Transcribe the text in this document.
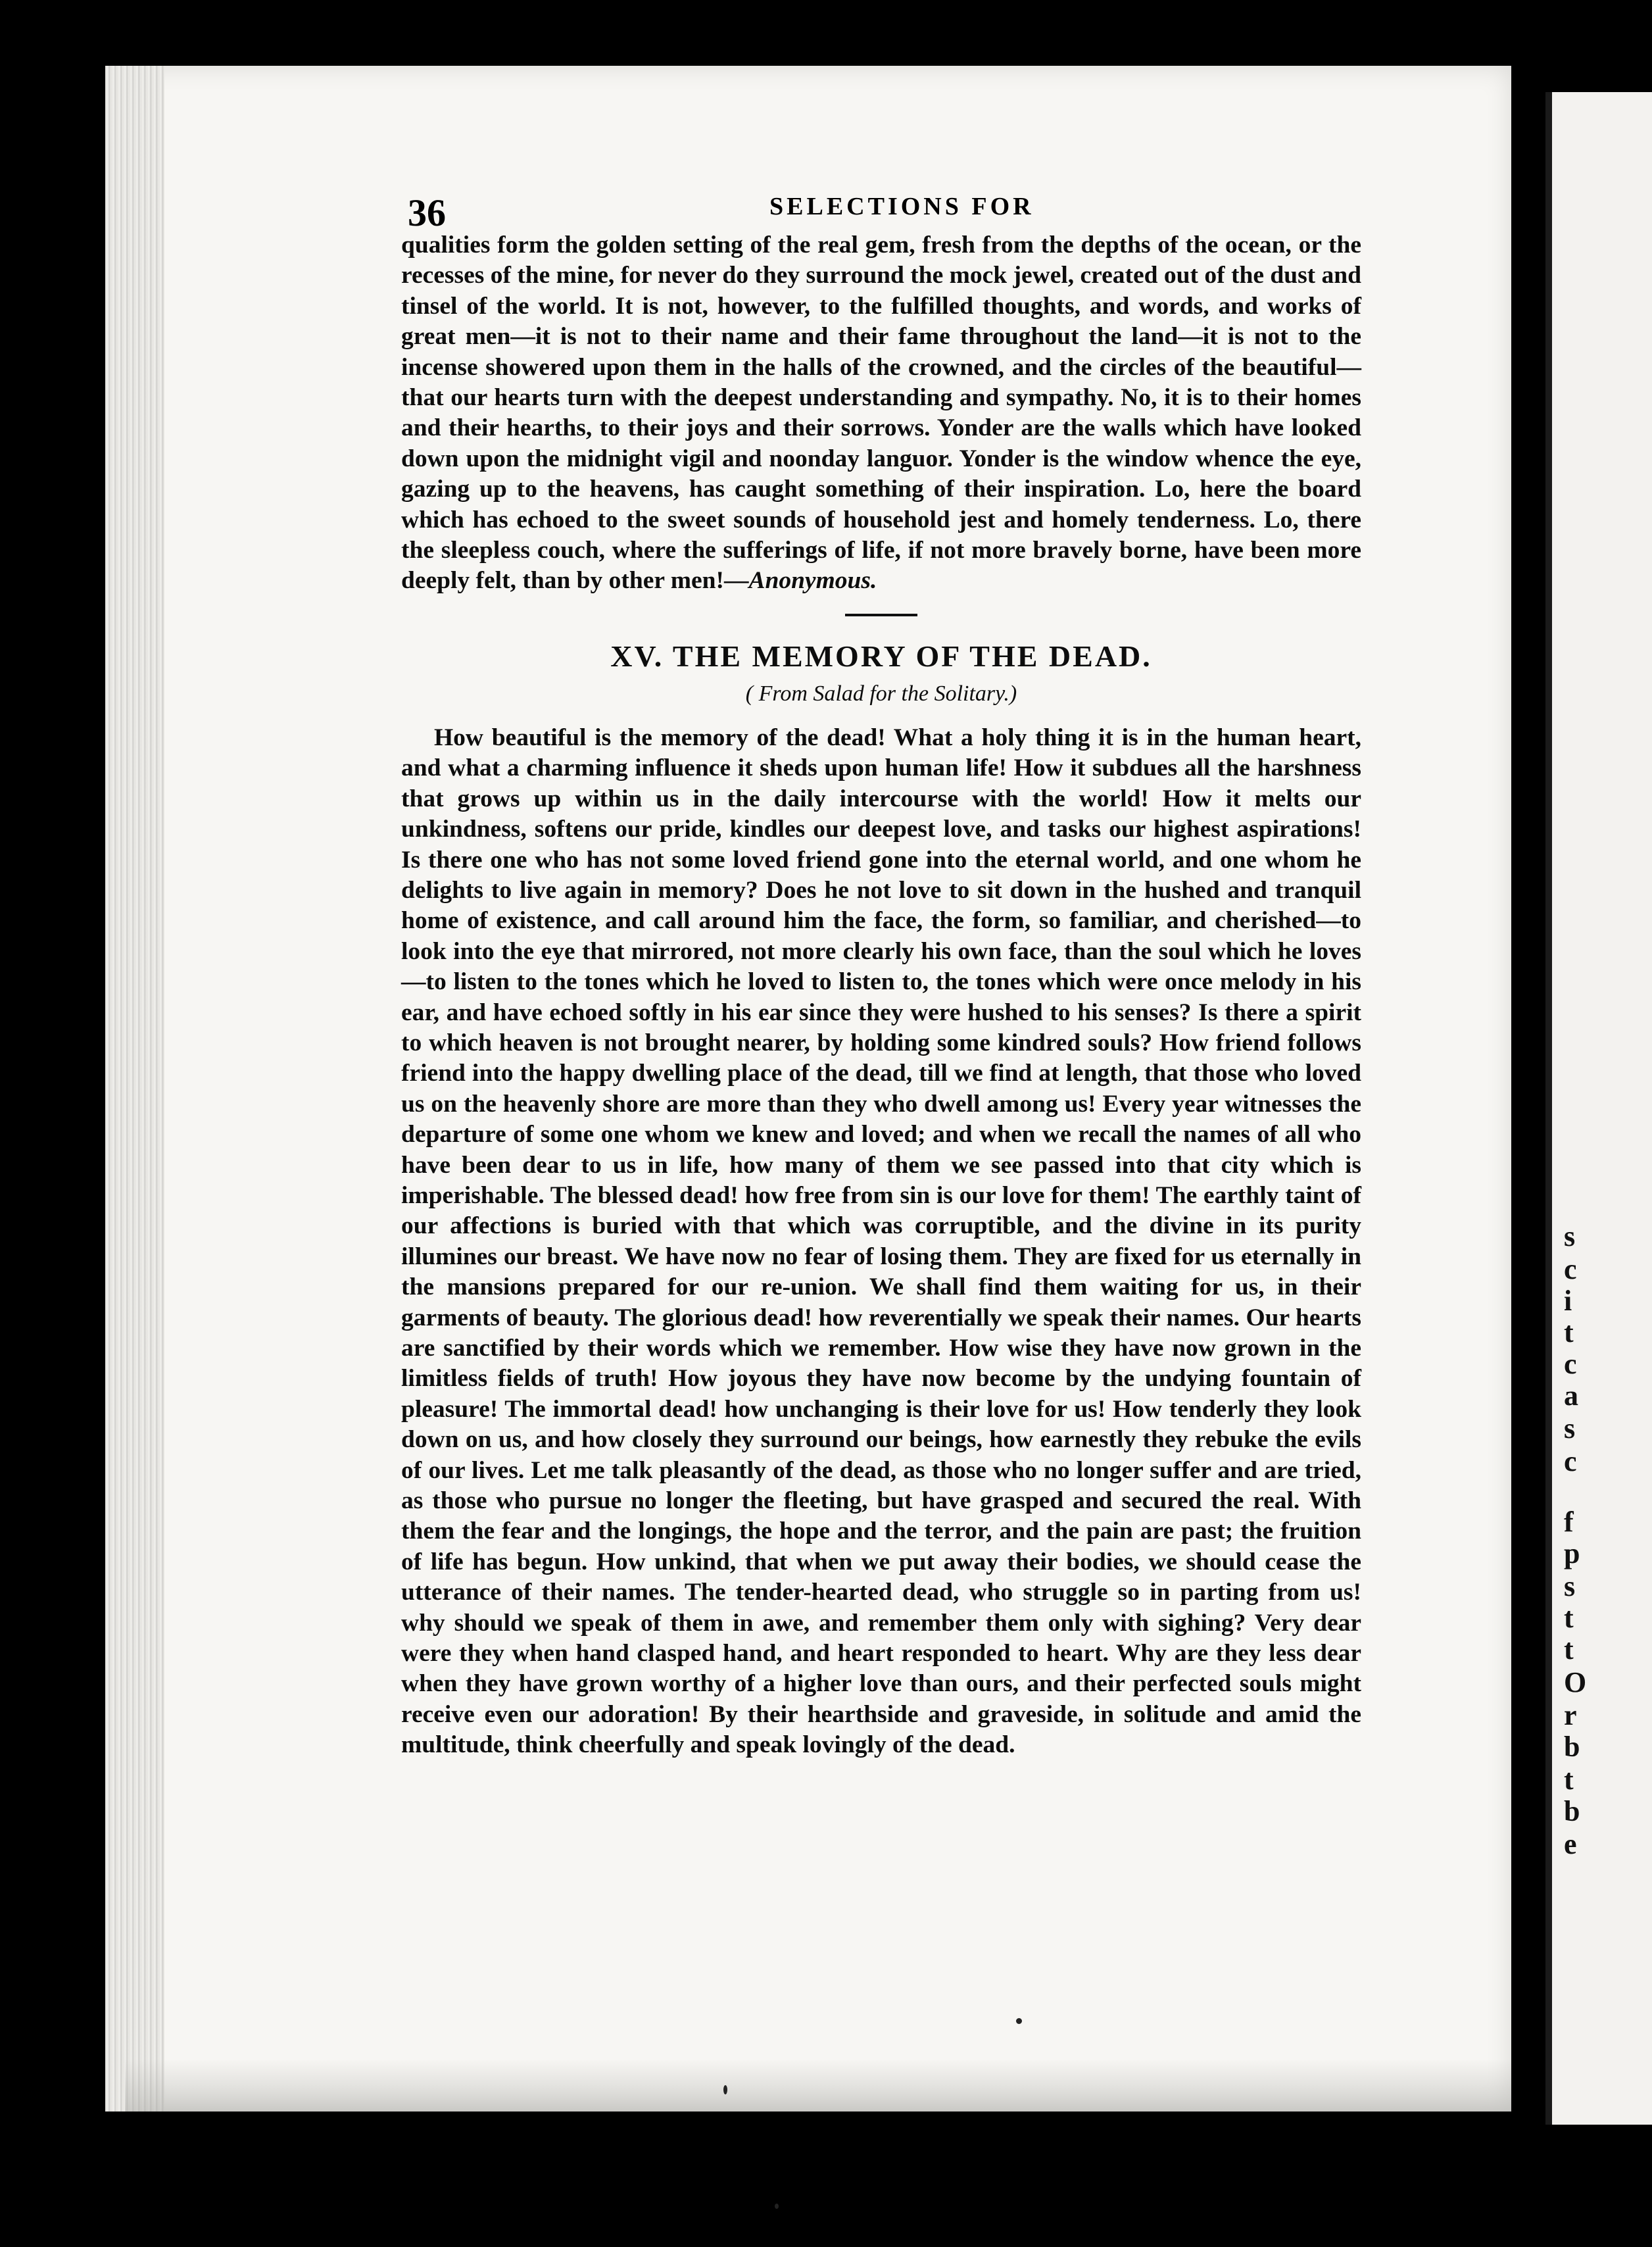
s
c
i
t
c
a
s
c
f
p
s
t
t
O
r
b
t
b
e
36	SELECTIONS FOR

qualities form the golden setting of the real gem, fresh from the depths of the ocean, or the recesses of the mine, for never do they surround the mock jewel, created out of the dust and tinsel of the world. It is not, however, to the fulfilled thoughts, and words, and works of great men—it is not to their name and their fame throughout the land—it is not to the incense showered upon them in the halls of the crowned, and the circles of the beautiful—that our hearts turn with the deepest understanding and sympathy. No, it is to their homes and their hearths, to their joys and their sorrows. Yonder are the walls which have looked down upon the midnight vigil and noonday languor. Yonder is the window whence the eye, gazing up to the heavens, has caught something of their inspiration. Lo, here the board which has echoed to the sweet sounds of household jest and homely tenderness. Lo, there the sleepless couch, where the sufferings of life, if not more bravely borne, have been more deeply felt, than by other men!—Anonymous.

XV. THE MEMORY OF THE DEAD.
( From Salad for the Solitary.)

How beautiful is the memory of the dead! What a holy thing it is in the human heart, and what a charming influence it sheds upon human life! How it subdues all the harshness that grows up within us in the daily intercourse with the world! How it melts our unkindness, softens our pride, kindles our deepest love, and tasks our highest aspirations! Is there one who has not some loved friend gone into the eternal world, and one whom he delights to live again in memory? Does he not love to sit down in the hushed and tranquil home of existence, and call around him the face, the form, so familiar, and cherished—to look into the eye that mirrored, not more clearly his own face, than the soul which he loves—to listen to the tones which he loved to listen to, the tones which were once melody in his ear, and have echoed softly in his ear since they were hushed to his senses? Is there a spirit to which heaven is not brought nearer, by holding some kindred souls? How friend follows friend into the happy dwelling place of the dead, till we find at length, that those who loved us on the heavenly shore are more than they who dwell among us! Every year witnesses the departure of some one whom we knew and loved; and when we recall the names of all who have been dear to us in life, how many of them we see passed into that city which is imperishable. The blessed dead! how free from sin is our love for them! The earthly taint of our affections is buried with that which was corruptible, and the divine in its purity illumines our breast. We have now no fear of losing them. They are fixed for us eternally in the mansions prepared for our re-union. We shall find them waiting for us, in their garments of beauty. The glorious dead! how reverentially we speak their names. Our hearts are sanctified by their words which we remember. How wise they have now grown in the limitless fields of truth! How joyous they have now become by the undying fountain of pleasure! The immortal dead! how unchanging is their love for us! How tenderly they look down on us, and how closely they surround our beings, how earnestly they rebuke the evils of our lives. Let me talk pleasantly of the dead, as those who no longer suffer and are tried, as those who pursue no longer the fleeting, but have grasped and secured the real. With them the fear and the longings, the hope and the terror, and the pain are past; the fruition of life has begun. How unkind, that when we put away their bodies, we should cease the utterance of their names. The tender-hearted dead, who struggle so in parting from us! why should we speak of them in awe, and remember them only with sighing? Very dear were they when hand clasped hand, and heart responded to heart. Why are they less dear when they have grown worthy of a higher love than ours, and their perfected souls might receive even our adoration! By their hearthside and graveside, in solitude and amid the multitude, think cheerfully and speak lovingly of the dead.
